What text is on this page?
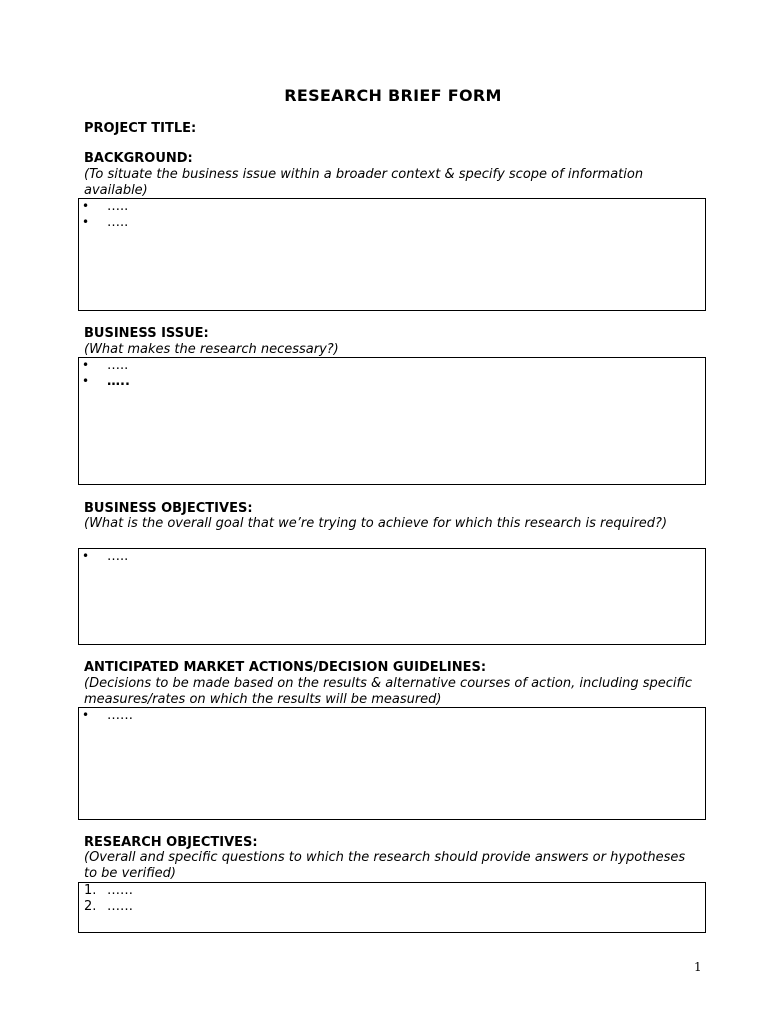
RESEARCH BRIEF FORM

PROJECT TITLE:

BACKGROUND:

(To situate the business issue within a broader context & specify scope of information available)

• …..
• …..

BUSINESS ISSUE:

(What makes the research necessary?)

• …..
• …..

BUSINESS OBJECTIVES:

(What is the overall goal that we’re trying to achieve for which this research is required?)

• …..

ANTICIPATED MARKET ACTIONS/DECISION GUIDELINES:

(Decisions to be made based on the results & alternative courses of action, including specific measures/rates on which the results will be measured)

• ……

RESEARCH OBJECTIVES:

(Overall and specific questions to which the research should provide answers or hypotheses to be verified)

1. ……
2. ……

1
